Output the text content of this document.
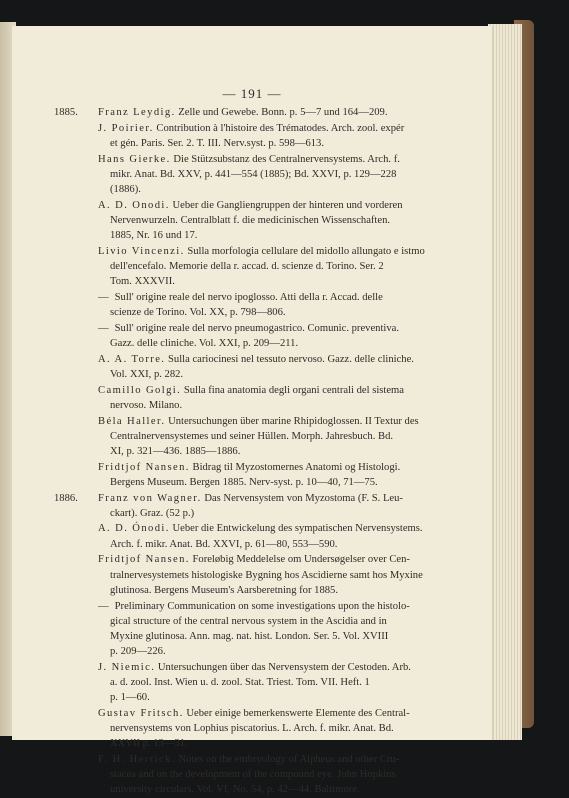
— 191 —
1885. Franz Leydig. Zelle und Gewebe. Bonn. p. 5—7 und 164—209.
J. Poirier. Contribution à l'histoire des Trématodes. Arch. zool. expér
et gén. Paris. Ser. 2. T. III. Nerv.syst. p. 598—613.
Hans Gierke. Die Stützsubstanz des Centralnervensystems. Arch. f.
mikr. Anat. Bd. XXV, p. 441—554 (1885); Bd. XXVI, p. 129—228
(1886).
A. D. Onodi. Ueber die Gangliengruppen der hinteren und vorderen
Nervenwurzeln. Centralblatt f. die medicinischen Wissenschaften.
1885, Nr. 16 und 17.
Livio Vincenzi. Sulla morfologia cellulare del midollo allungato e istmo
dell'encefalo. Memorie della r. accad. d. scienze d. Torino. Ser. 2
Tom. XXXVII.
— Sull' origine reale del nervo ipoglosso. Atti della r. Accad. delle
scienze de Torino. Vol. XX, p. 798—806.
— Sull' origine reale del nervo pneumogastrico. Comunic. preventiva.
Gazz. delle cliniche. Vol. XXI, p. 209—211.
A. A. Torre. Sulla cariocinesi nel tessuto nervoso. Gazz. delle cliniche.
Vol. XXI, p. 282.
Camillo Golgi. Sulla fina anatomia degli organi centrali del sistema
nervoso. Milano.
Béla Haller. Untersuchungen über marine Rhipidoglossen. II Textur des
Centralnervensystemes und seiner Hüllen. Morph. Jahresbuch. Bd.
XI, p. 321—436. 1885—1886.
Fridtjof Nansen. Bidrag til Myzostomernes Anatomi og Histologi.
Bergens Museum. Bergen 1885. Nerv-syst. p. 10—40, 71—75.
1886. Franz von Wagner. Das Nervensystem von Myzostoma (F. S. Leu-
ckart). Graz. (52 p.)
A. D. Ónodi. Ueber die Entwickelung des sympatischen Nervensystems.
Arch. f. mikr. Anat. Bd. XXVI, p. 61—80, 553—590.
Fridtjof Nansen. Foreløbig Meddelelse om Undersøgelser over Cen-
tralnervesystemets histologiske Bygning hos Ascidierne samt hos Myxine
glutinosa. Bergens Museum's Aarsberetning for 1885.
— Preliminary Communication on some investigations upon the histolo-
gical structure of the central nervous system in the Ascidia and in
Myxine glutinosa. Ann. mag. nat. hist. London. Ser. 5. Vol. XVIII
p. 209—226.
J. Niemic. Untersuchungen über das Nervensystem der Cestoden. Arb.
a. d. zool. Inst. Wien u. d. zool. Stat. Triest. Tom. VII. Heft. 1
p. 1—60.
Gustav Fritsch. Ueber einige bemerkenswerte Elemente des Central-
nervensystems von Lophius piscatorius. L. Arch. f. mikr. Anat. Bd.
XXVII p. 13—31.
F. H. Herrick. Notes on the embryology of Alpheus and other Cru-
stacea and on the development of the compound eye. John Hopkins
university circulars. Vol. VI, No. 54, p. 42—44. Baltimore.
